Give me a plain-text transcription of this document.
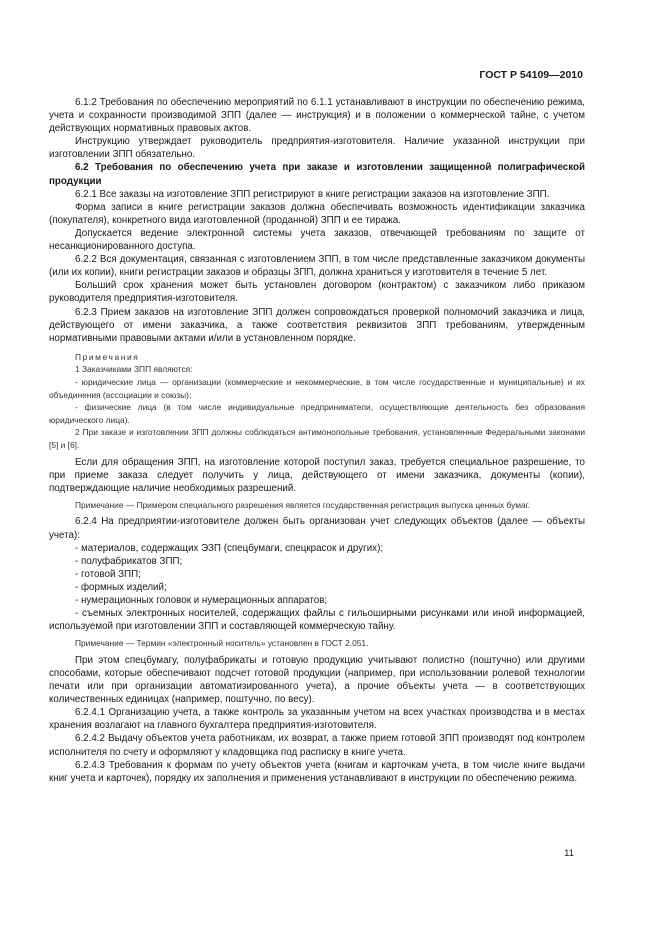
ГОСТ Р 54109—2010

6.1.2 Требования по обеспечению мероприятий по 6.1.1 устанавливают в инструкции по обеспечению режима, учета и сохранности производимой ЗПП (далее — инструкция) и в положении о коммерческой тайне, с учетом действующих нормативных правовых актов.

Инструкцию утверждает руководитель предприятия-изготовителя. Наличие указанной инструкции при изготовлении ЗПП обязательно.

6.2 Требования по обеспечению учета при заказе и изготовлении защищенной полиграфической продукции

6.2.1 Все заказы на изготовление ЗПП регистрируют в книге регистрации заказов на изготовление ЗПП.

Форма записи в книге регистрации заказов должна обеспечивать возможность идентификации заказчика (покупателя), конкретного вида изготовленной (проданной) ЗПП и ее тиража.

Допускается ведение электронной системы учета заказов, отвечающей требованиям по защите от несанкционированного доступа.

6.2.2 Вся документация, связанная с изготовлением ЗПП, в том числе представленные заказчиком документы (или их копии), книги регистрации заказов и образцы ЗПП, должна храниться у изготовителя в течение 5 лет.

Больший срок хранения может быть установлен договором (контрактом) с заказчиком либо приказом руководителя предприятия-изготовителя.

6.2.3 Прием заказов на изготовление ЗПП должен сопровождаться проверкой полномочий заказчика и лица, действующего от имени заказчика, а также соответствия реквизитов ЗПП требованиям, утвержденным нормативными правовыми актами и/или в установленном порядке.

Примечания

1 Заказчиками ЗПП являются:

- юридические лица — организации (коммерческие и некоммерческие, в том числе государственные и муниципальные) и их объединения (ассоциации и союзы);

- физические лица (в том числе индивидуальные предприниматели, осуществляющие деятельность без образования юридического лица).

2 При заказе и изготовлении ЗПП должны соблюдаться антимонопольные требования, установленные Федеральными законами [5] и [6].

Если для обращения ЗПП, на изготовление которой поступил заказ, требуется специальное разрешение, то при приеме заказа следует получить у лица, действующего от имени заказчика, документы (копии), подтверждающие наличие необходимых разрешений.

Примечание — Примером специального разрешения является государственная регистрация выпуска ценных бумаг.

6.2.4 На предприятии-изготовителе должен быть организован учет следующих объектов (далее — объекты учета):

- материалов, содержащих ЭЗП (спецбумаги, спецкрасок и других);

- полуфабрикатов ЗПП;

- готовой ЗПП;

- формных изделий;

- нумерационных головок и нумерационных аппаратов;

- съемных электронных носителей, содержащих файлы с гильоширными рисунками или иной информацией, используемой при изготовлении ЗПП и составляющей коммерческую тайну.

Примечание — Термин «электронный носитель» установлен в ГОСТ 2.051.

При этом спецбумагу, полуфабрикаты и готовую продукцию учитывают полистно (поштучно) или другими способами, которые обеспечивают подсчет готовой продукции (например, при использовании ролевой технологии печати или при организации автоматизированного учета), а прочие объекты учета — в соответствующих количественных единицах (например, поштучно, по весу).

6.2.4.1 Организацию учета, а также контроль за указанным учетом на всех участках производства и в местах хранения возлагают на главного бухгалтера предприятия-изготовителя.

6.2.4.2 Выдачу объектов учета работникам, их возврат, а также прием готовой ЗПП производят под контролем исполнителя по счету и оформляют у кладовщика под расписку в книге учета.

6.2.4.3 Требования к формам по учету объектов учета (книгам и карточкам учета, в том числе книге выдачи книг учета и карточек), порядку их заполнения и применения устанавливают в инструкции по обеспечению режима.

11
